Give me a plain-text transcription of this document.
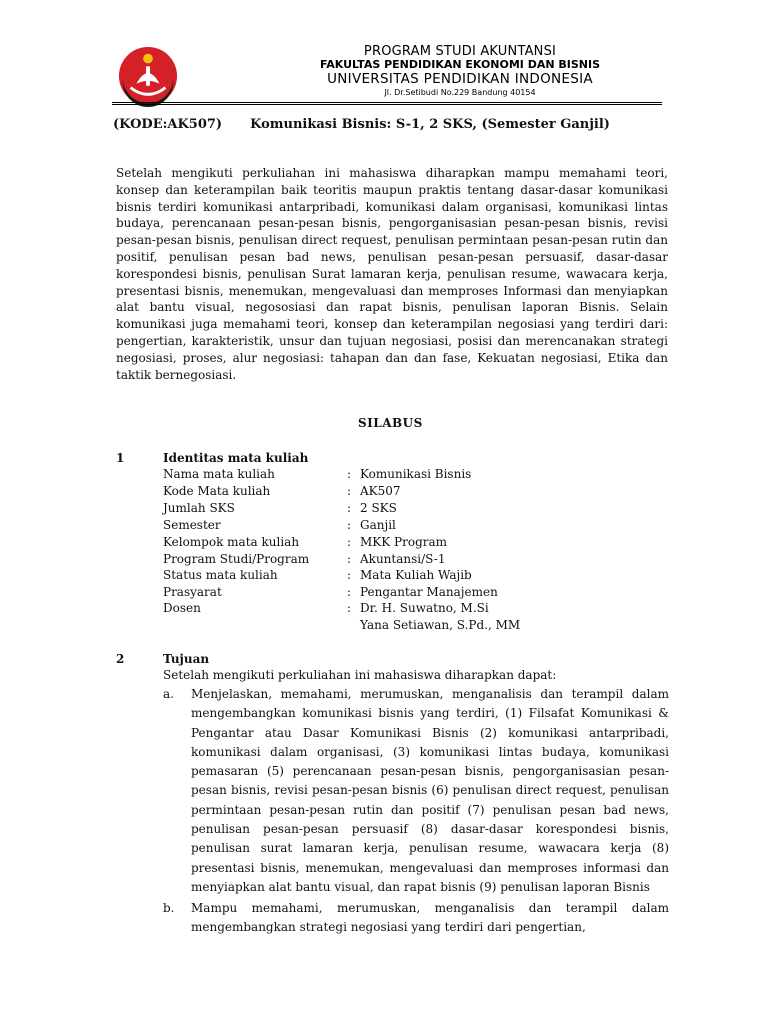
PROGRAM STUDI AKUNTANSI
FAKULTAS PENDIDIKAN EKONOMI DAN BISNIS
UNIVERSITAS PENDIDIKAN INDONESIA
Jl. Dr.Setibudi No.229 Bandung 40154
(KODE:AK507) Komunikasi Bisnis: S-1, 2 SKS, (Semester Ganjil)
Setelah mengikuti perkuliahan ini mahasiswa diharapkan mampu memahami teori, konsep dan keterampilan baik teoritis maupun praktis tentang dasar-dasar komunikasi bisnis terdiri komunikasi antarpribadi, komunikasi dalam organisasi, komunikasi lintas budaya, perencanaan pesan-pesan bisnis, pengorganisasian pesan-pesan bisnis, revisi pesan-pesan bisnis, penulisan direct request, penulisan permintaan pesan-pesan rutin dan positif, penulisan pesan bad news, penulisan pesan-pesan persuasif, dasar-dasar korespondesi bisnis, penulisan Surat lamaran kerja, penulisan resume, wawacara kerja, presentasi bisnis, menemukan, mengevaluasi dan memproses Informasi dan menyiapkan alat bantu visual, negososiasi dan rapat bisnis, penulisan laporan Bisnis. Selain komunikasi juga memahami teori, konsep dan keterampilan negosiasi yang terdiri dari: pengertian, karakteristik, unsur dan tujuan negosiasi, posisi dan merencanakan strategi negosiasi, proses, alur negosiasi: tahapan dan dan fase, Kekuatan negosiasi, Etika dan taktik bernegosiasi.
SILABUS
1	Identitas mata kuliah
Nama mata kuliah	: Komunikasi Bisnis
Kode Mata kuliah	: AK507
Jumlah SKS	: 2 SKS
Semester	: Ganjil
Kelompok mata kuliah	: MKK Program
Program Studi/Program	: Akuntansi/S-1
Status mata kuliah	: Mata Kuliah Wajib
Prasyarat	: Pengantar Manajemen
Dosen	: Dr. H. Suwatno, M.Si
Yana Setiawan, S.Pd., MM
2	Tujuan
Setelah mengikuti perkuliahan ini mahasiswa diharapkan dapat:
a. Menjelaskan, memahami, merumuskan, menganalisis dan terampil dalam mengembangkan komunikasi bisnis yang terdiri, (1) Filsafat Komunikasi & Pengantar atau Dasar Komunikasi Bisnis (2) komunikasi antarpribadi, komunikasi dalam organisasi, (3) komunikasi lintas budaya, komunikasi pemasaran (5) perencanaan pesan-pesan bisnis, pengorganisasian pesan-pesan bisnis, revisi pesan-pesan bisnis (6) penulisan direct request, penulisan permintaan pesan-pesan rutin dan positif (7) penulisan pesan bad news, penulisan pesan-pesan persuasif (8) dasar-dasar korespondesi bisnis, penulisan surat lamaran kerja, penulisan resume, wawacara kerja (8) presentasi bisnis, menemukan, mengevaluasi dan memproses informasi dan menyiapkan alat bantu visual, dan rapat bisnis (9) penulisan laporan Bisnis
b. Mampu memahami, merumuskan, menganalisis dan terampil dalam mengembangkan strategi negosiasi yang terdiri dari pengertian,
